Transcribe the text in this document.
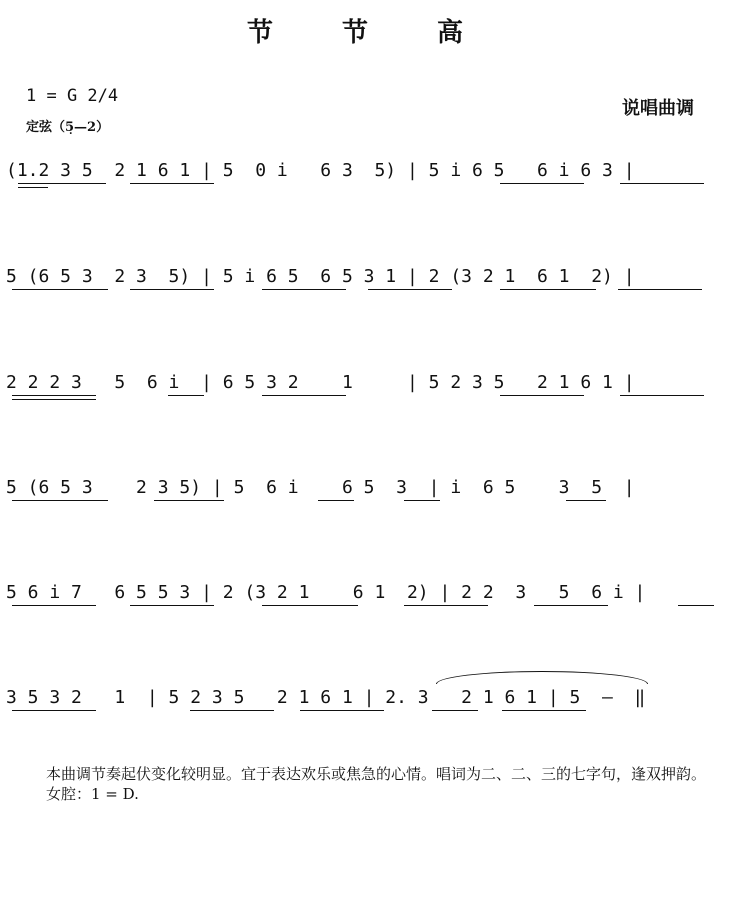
节 节 高
1 = G 2/4
定弦（5̣—2）
说唱曲调
(1.2 3 5  2 1 6 1 | 5  0 i   6 3  5) | 5 i 6 5   6 i 6 3 |
5 (6 5 3  2 3  5) | 5 i 6 5  6 5 3 1 | 2 (3 2 1  6 1  2) |
2 2 2 3   5  6 i  | 6 5 3 2    1     | 5 2 3 5   2 1 6 1 |
5 (6 5 3    2 3 5) | 5  6 i    6 5  3  | i  6 5    3  5  |
5 6 i 7   6 5 5 3 | 2 (3 2 1    6 1  2) | 2 2  3   5  6 i |
3 5 3 2   1  | 5 2 3 5   2 1 6 1 | 2. 3   2 1 6 1 | 5  –  ‖

本曲调节奏起伏变化较明显。宜于表达欢乐或焦急的心情。唱词为二、二、三的七字句，逢双押韵。

女腔：1 = D.
